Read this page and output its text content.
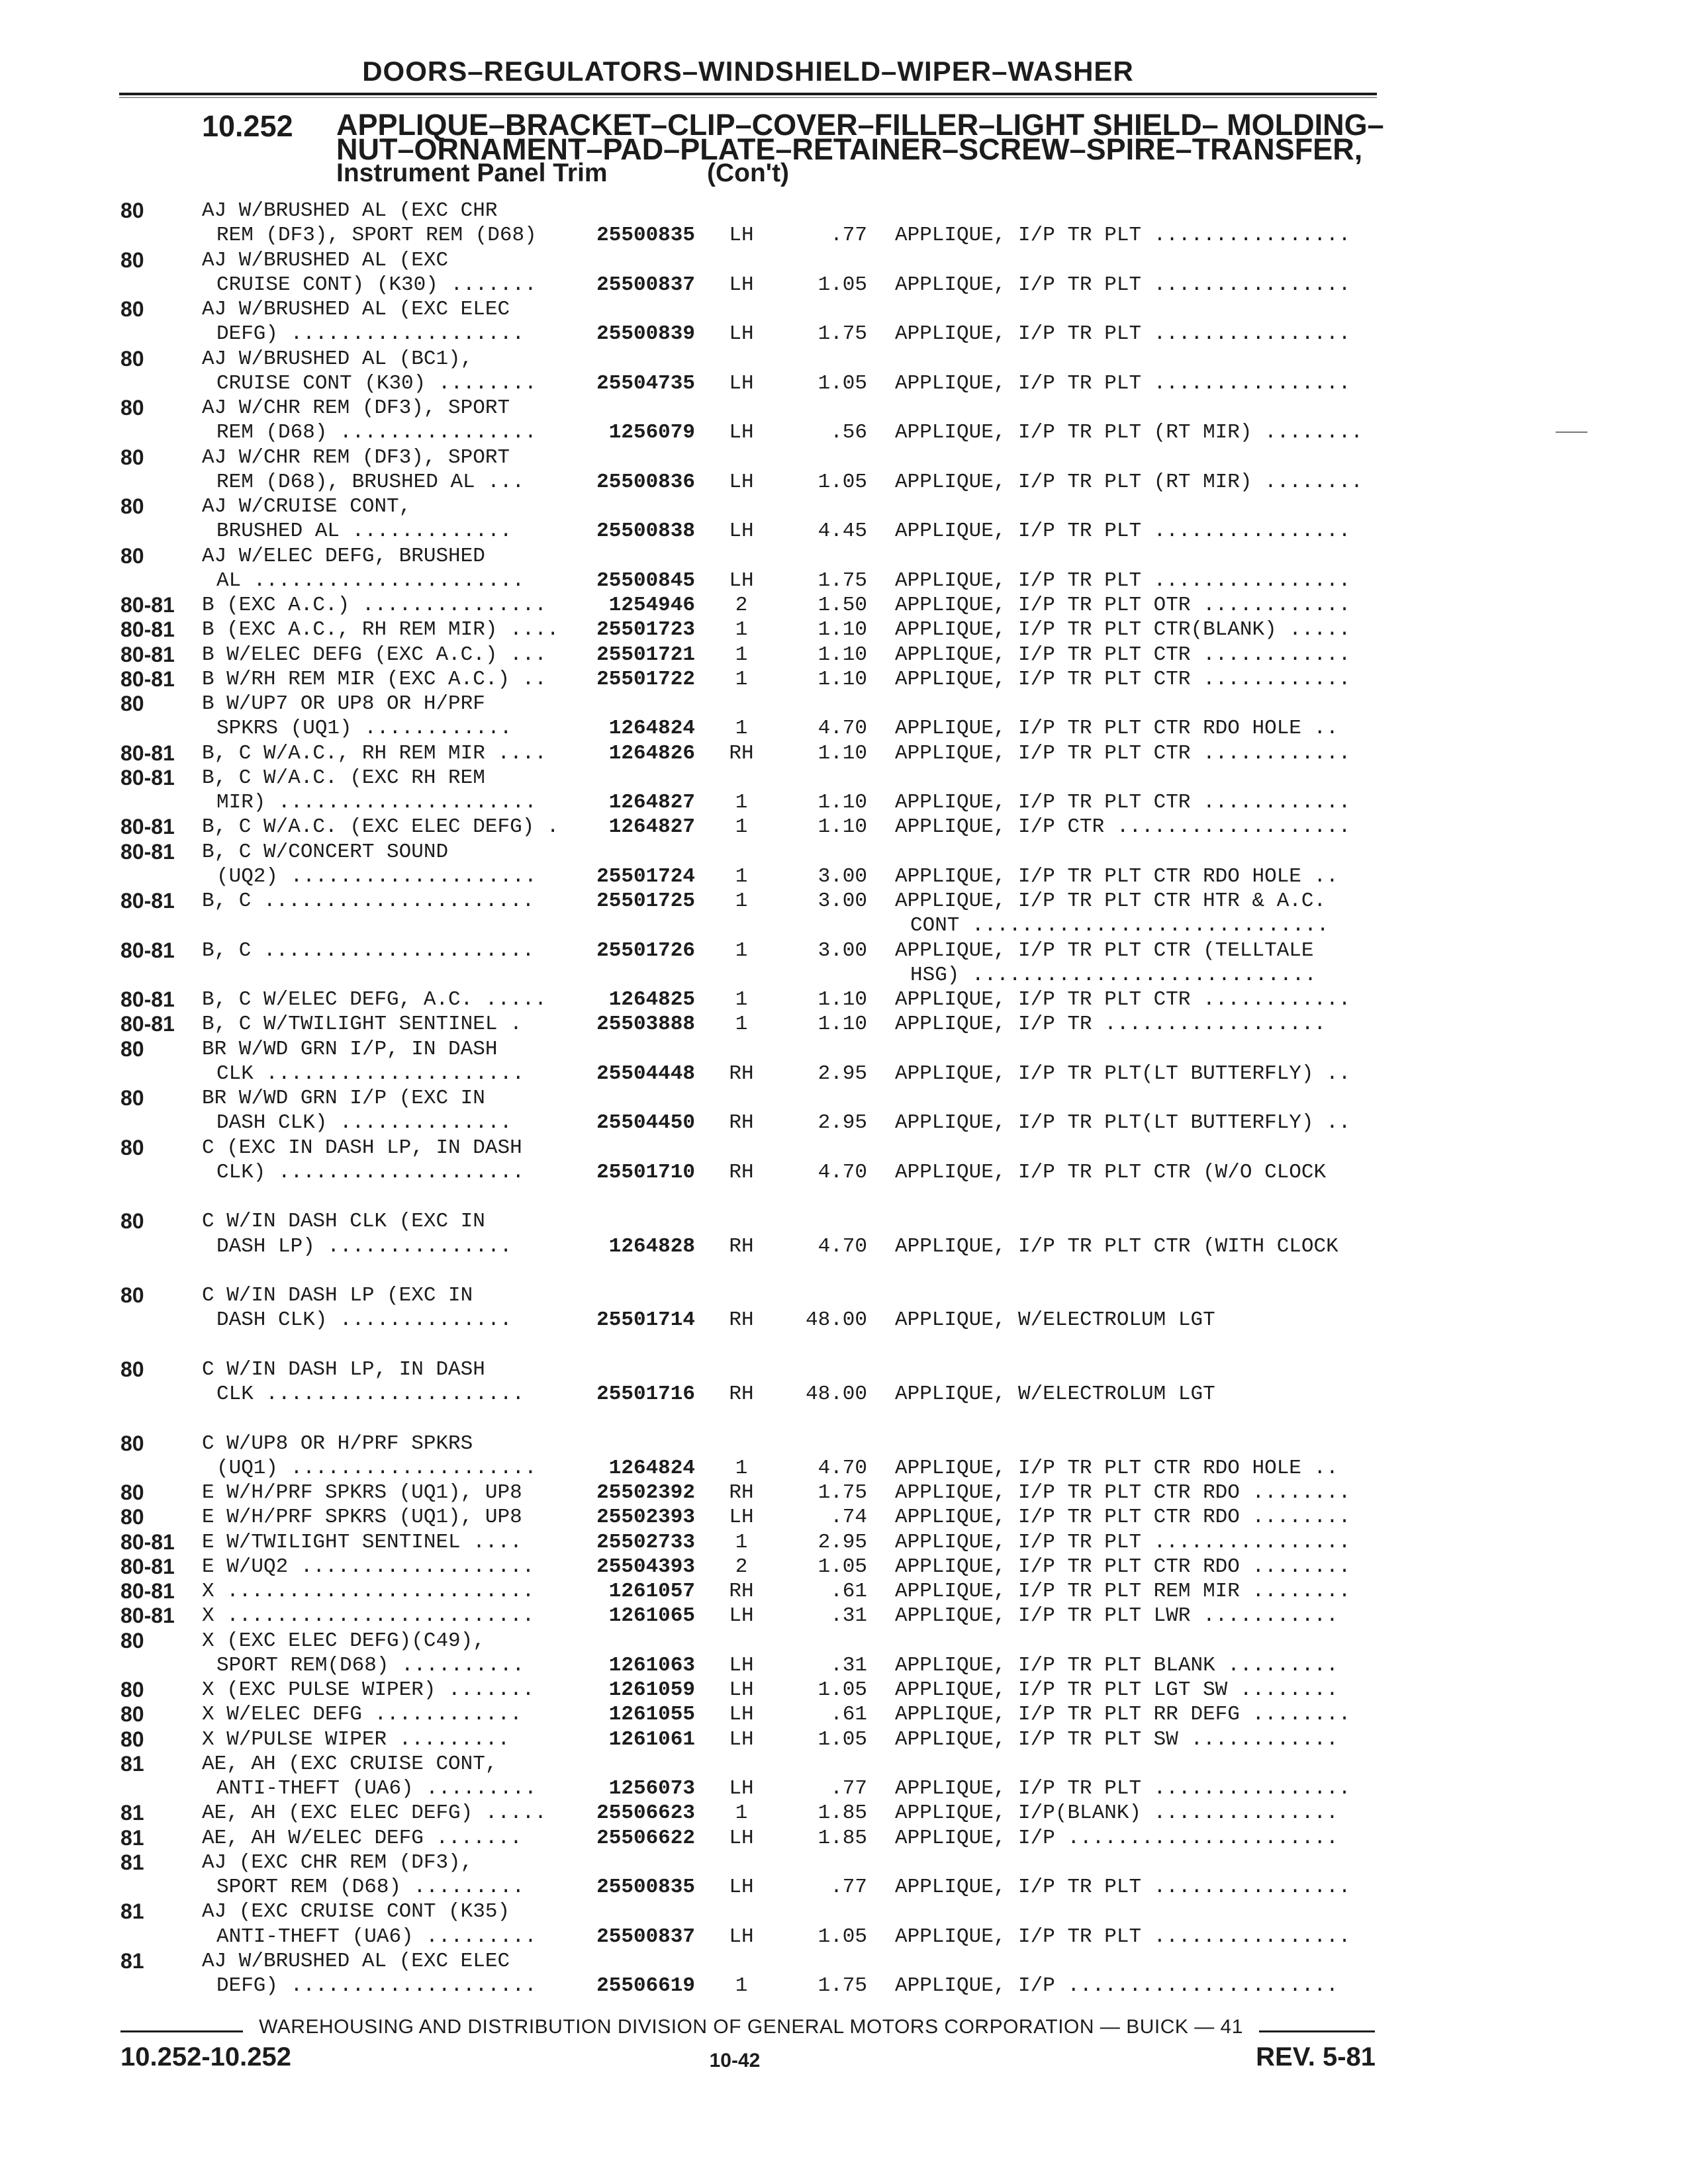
DOORS–REGULATORS–WINDSHIELD–WIPER–WASHER
10.252 APPLIQUE–BRACKET–CLIP–COVER–FILLER–LIGHT SHIELD– MOLDING–
NUT–ORNAMENT–PAD–PLATE–RETAINER–SCREW–SPIRE–TRANSFER,
Instrument Panel Trim	(Con't)
80	AJ W/BRUSHED AL (EXC CHR
REM (DF3), SPORT REM (D68)	25500835	LH	.77 APPLIQUE, I/P TR PLT ................
80	AJ W/BRUSHED AL (EXC
CRUISE CONT) (K30) .......	25500837	LH	1.05 APPLIQUE, I/P TR PLT ................
80	AJ W/BRUSHED AL (EXC ELEC
DEFG) ...................	25500839	LH	1.75 APPLIQUE, I/P TR PLT ................
80	AJ W/BRUSHED AL (BC1),
CRUISE CONT (K30) ........	25504735	LH	1.05 APPLIQUE, I/P TR PLT ................
80	AJ W/CHR REM (DF3), SPORT
REM (D68) ................	1256079	LH	.56 APPLIQUE, I/P TR PLT (RT MIR) ........
80	AJ W/CHR REM (DF3), SPORT
REM (D68), BRUSHED AL ...	25500836	LH	1.05 APPLIQUE, I/P TR PLT (RT MIR) ........
80	AJ W/CRUISE CONT,
BRUSHED AL .............	25500838	LH	4.45 APPLIQUE, I/P TR PLT ................
80	AJ W/ELEC DEFG, BRUSHED
AL ......................	25500845	LH	1.75 APPLIQUE, I/P TR PLT ................
80-81 B (EXC A.C.) ...............	1254946	2	1.50 APPLIQUE, I/P TR PLT OTR ............
80-81 B (EXC A.C., RH REM MIR) ....	25501723	1	1.10 APPLIQUE, I/P TR PLT CTR(BLANK) .....
80-81 B W/ELEC DEFG (EXC A.C.) ...	25501721	1	1.10 APPLIQUE, I/P TR PLT CTR ............
80-81 B W/RH REM MIR (EXC A.C.) ..	25501722	1	1.10 APPLIQUE, I/P TR PLT CTR ............
80	B W/UP7 OR UP8 OR H/PRF
SPKRS (UQ1) ............	1264824	1	4.70 APPLIQUE, I/P TR PLT CTR RDO HOLE ..
80-81 B, C W/A.C., RH REM MIR ....	1264826	RH	1.10 APPLIQUE, I/P TR PLT CTR ............
80-81 B, C W/A.C. (EXC RH REM
MIR) .....................	1264827	1	1.10 APPLIQUE, I/P TR PLT CTR ............
80-81 B, C W/A.C. (EXC ELEC DEFG) .	1264827	1	1.10 APPLIQUE, I/P CTR ...................
80-81 B, C W/CONCERT SOUND
(UQ2) ....................	25501724	1	3.00 APPLIQUE, I/P TR PLT CTR RDO HOLE ..
80-81 B, C ......................	25501725	1	3.00 APPLIQUE, I/P TR PLT CTR HTR & A.C.
CONT .............................
80-81 B, C ......................	25501726	1	3.00 APPLIQUE, I/P TR PLT CTR (TELLTALE
HSG) ............................
80-81 B, C W/ELEC DEFG, A.C. .....	1264825	1	1.10 APPLIQUE, I/P TR PLT CTR ............
80-81 B, C W/TWILIGHT SENTINEL .	25503888	1	1.10 APPLIQUE, I/P TR ..................
80	BR W/WD GRN I/P, IN DASH
CLK .....................	25504448	RH	2.95 APPLIQUE, I/P TR PLT(LT BUTTERFLY) ..
80	BR W/WD GRN I/P (EXC IN
DASH CLK) ..............	25504450	RH	2.95 APPLIQUE, I/P TR PLT(LT BUTTERFLY) ..
80	C (EXC IN DASH LP, IN DASH
CLK) ....................	25501710	RH	4.70 APPLIQUE, I/P TR PLT CTR (W/O CLOCK
80	C W/IN DASH CLK (EXC IN
DASH LP) ...............	1264828	RH	4.70 APPLIQUE, I/P TR PLT CTR (WITH CLOCK
80	C W/IN DASH LP (EXC IN
DASH CLK) ..............	25501714	RH	48.00 APPLIQUE, W/ELECTROLUM LGT
80	C W/IN DASH LP, IN DASH
CLK .....................	25501716	RH	48.00 APPLIQUE, W/ELECTROLUM LGT
80	C W/UP8 OR H/PRF SPKRS
(UQ1) ....................	1264824	1	4.70 APPLIQUE, I/P TR PLT CTR RDO HOLE ..
80	E W/H/PRF SPKRS (UQ1), UP8	25502392	RH	1.75 APPLIQUE, I/P TR PLT CTR RDO ........
80	E W/H/PRF SPKRS (UQ1), UP8	25502393	LH	.74 APPLIQUE, I/P TR PLT CTR RDO ........
80-81 E W/TWILIGHT SENTINEL ....	25502733	1	2.95 APPLIQUE, I/P TR PLT ................
80-81 E W/UQ2 ...................	25504393	2	1.05 APPLIQUE, I/P TR PLT CTR RDO ........
80-81 X .........................	1261057	RH	.61 APPLIQUE, I/P TR PLT REM MIR ........
80-81 X .........................	1261065	LH	.31 APPLIQUE, I/P TR PLT LWR ...........
80	X (EXC ELEC DEFG)(C49),
SPORT REM(D68) ..........	1261063	LH	.31 APPLIQUE, I/P TR PLT BLANK .........
80	X (EXC PULSE WIPER) .......	1261059	LH	1.05 APPLIQUE, I/P TR PLT LGT SW ........
80	X W/ELEC DEFG ............	1261055	LH	.61 APPLIQUE, I/P TR PLT RR DEFG ........
80	X W/PULSE WIPER .........	1261061	LH	1.05 APPLIQUE, I/P TR PLT SW ............
81	AE, AH (EXC CRUISE CONT,
ANTI-THEFT (UA6) .........	1256073	LH	.77 APPLIQUE, I/P TR PLT ................
81	AE, AH (EXC ELEC DEFG) .....	25506623	1	1.85 APPLIQUE, I/P(BLANK) ...............
81	AE, AH W/ELEC DEFG .......	25506622	LH	1.85 APPLIQUE, I/P ......................
81	AJ (EXC CHR REM (DF3),
SPORT REM (D68) .........	25500835	LH	.77 APPLIQUE, I/P TR PLT ................
81	AJ (EXC CRUISE CONT (K35)
ANTI-THEFT (UA6) .........	25500837	LH	1.05 APPLIQUE, I/P TR PLT ................
81	AJ W/BRUSHED AL (EXC ELEC
DEFG) ....................	25506619	1	1.75 APPLIQUE, I/P ......................
WAREHOUSING AND DISTRIBUTION DIVISION OF GENERAL MOTORS CORPORATION — BUICK — 41
10.252-10.252	10-42	REV. 5-81
